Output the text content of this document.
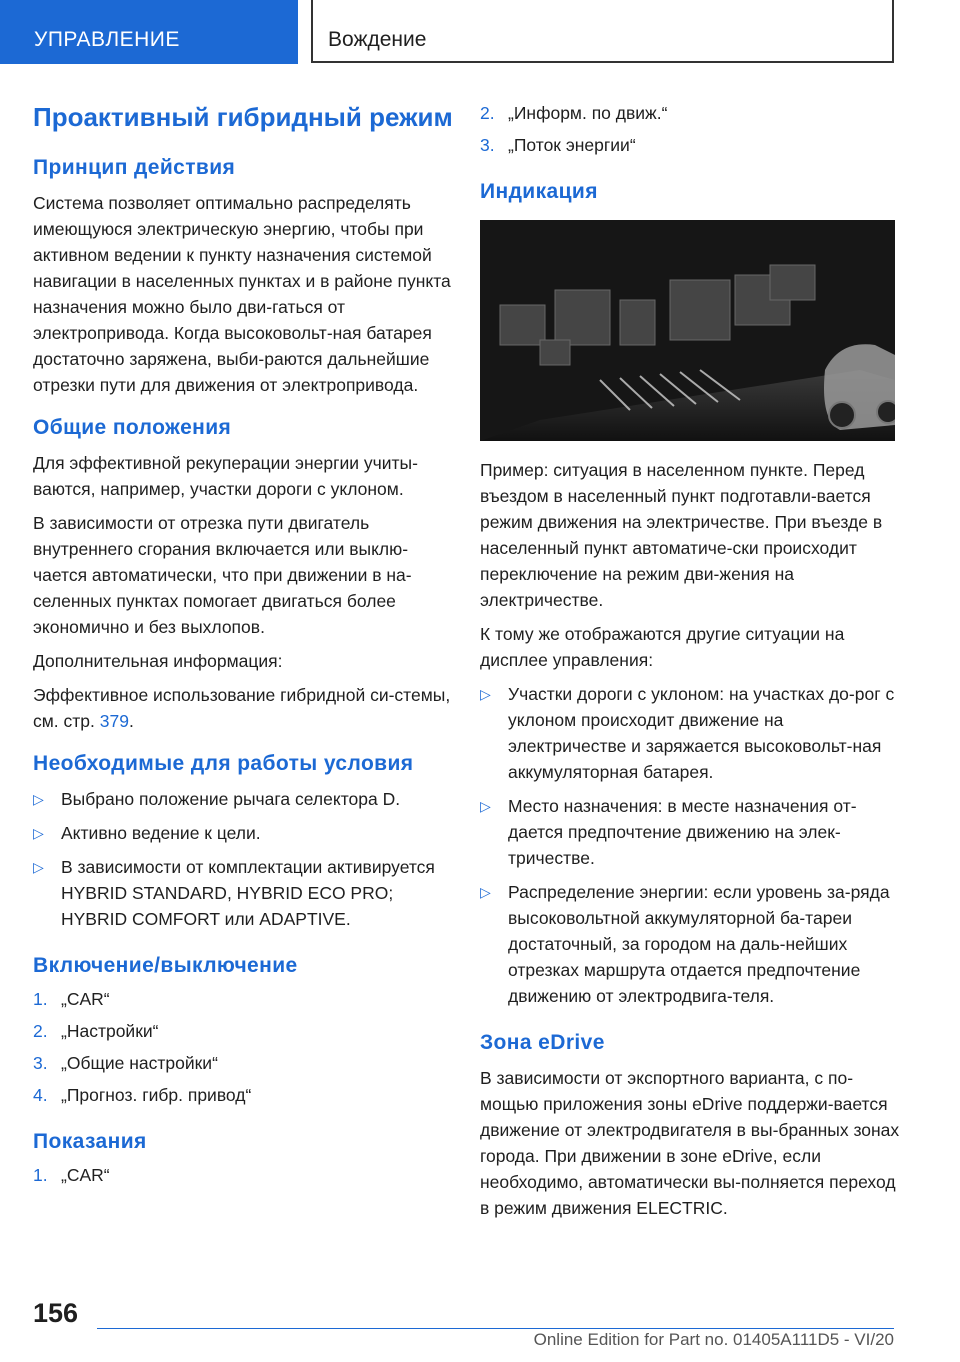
УПРАВЛЕНИЕ	Вождение
Проактивный гибридный режим
Принцип действия

Система позволяет оптимально распределять имеющуюся электрическую энергию, чтобы при активном ведении к пункту назначения системой навигации в населенных пунктах и в районе пункта назначения можно было дви-гаться от электропривода. Когда высоковольт-ная батарея достаточно заряжена, выби-раются дальнейшие отрезки пути для движения от электропривода.

Общие положения

Для эффективной рекуперации энергии учиты-ваются, например, участки дороги с уклоном.

В зависимости от отрезка пути двигатель внутреннего сгорания включается или выклю-чается автоматически, что при движении в на-селенных пунктах помогает двигаться более экономично и без выхлопов.

Дополнительная информация:

Эффективное использование гибридной си-стемы, см. стр. 379.

Необходимые для работы условия
▷ Выбрано положение рычага селектора D.
▷ Активно ведение к цели.
▷ В зависимости от комплектации активируется HYBRID STANDARD, HYBRID ECO PRO; HYBRID COMFORT или ADAPTIVE.
Включение/выключение
1. „CAR“
2. „Настройки“
3. „Общие настройки“
4. „Прогноз. гибр. привод“
Показания
1. „CAR“
2. „Информ. по движ.“
3. „Поток энергии“
Индикация

Пример: ситуация в населенном пункте. Перед въездом в населенный пункт подготавли-вается режим движения на электричестве. При въезде в населенный пункт автоматиче-ски происходит переключение на режим дви-жения на электричестве.

К тому же отображаются другие ситуации на дисплее управления:

▷ Участки дороги с уклоном: на участках до-рог с уклоном происходит движение на электричестве и заряжается высоковольт-ная аккумуляторная батарея.
▷ Место назначения: в месте назначения от-дается предпочтение движению на элек-тричестве.
▷ Распределение энергии: если уровень за-ряда высоковольтной аккумуляторной ба-тареи достаточный, за городом на даль-нейших отрезках маршрута отдается предпочтение движению от электродвига-теля.
Зона eDrive

В зависимости от экспортного варианта, с по-мощью приложения зоны eDrive поддержи-вается движение от электродвигателя в вы-бранных зонах города. При движении в зоне eDrive, если необходимо, автоматически вы-полняется переход в режим движения ELECTRIC.

156
Online Edition for Part no. 01405A111D5 - VI/20
